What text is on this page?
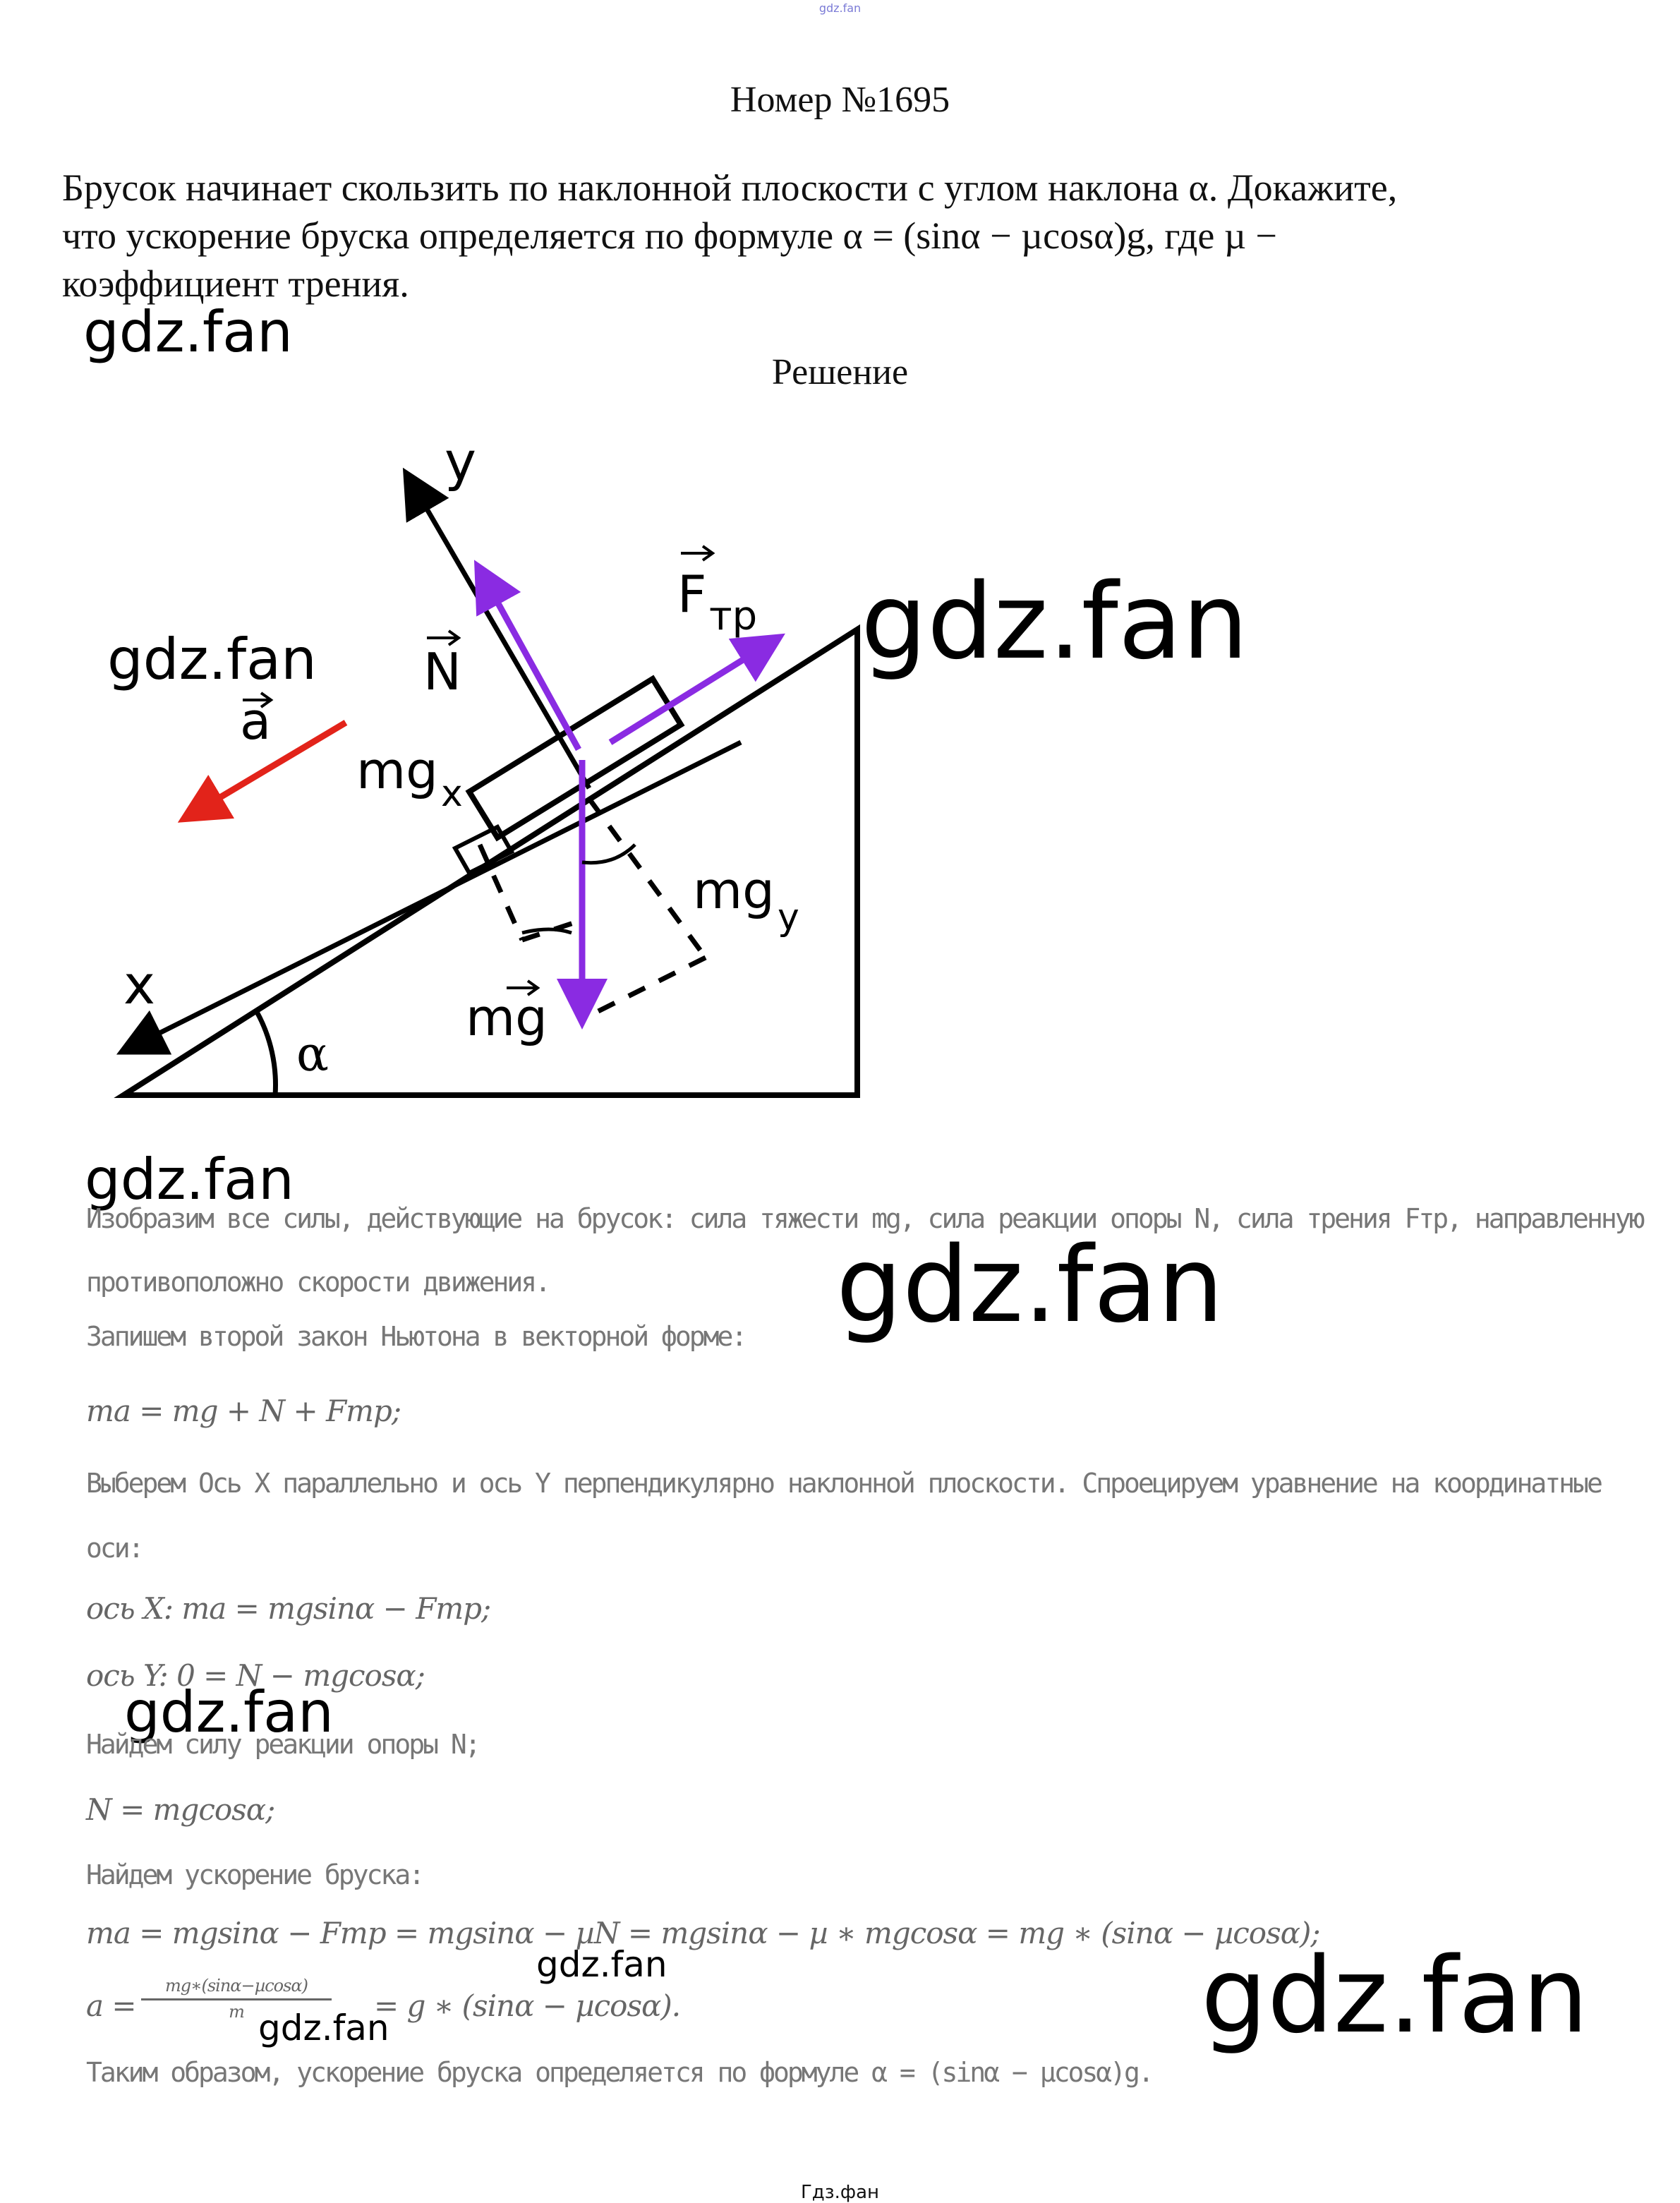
gdz.fan
Номер №1695
Брусок начинает скользить по наклонной плоскости с углом наклона α. Докажите,
что ускорение бруска определяется по формуле α = (sinα − µcosα)g, где µ −
коэффициент трения.
gdz.fan
Решение
y
x
N
F тр
a
mg x
mg y
mg
α
gdz.fan	gdz.fan
gdz.fan
gdz.fan
Изобразим все силы, действующие на брусок: сила тяжести mg, сила реакции опоры N, сила трения Fтр, направленную
противоположно скорости движения.
Запишем второй закон Ньютона в векторной форме:
ma = mg + N + Fтр;
Выберем Ось X параллельно и ось Y перпендикулярно наклонной плоскости. Спроецируем уравнение на координатные
оси:
ось X: ma = mgsinα − Fтр;
ось Y: 0 = N − mgcosα;
gdz.fan
Найдем силу реакции опоры N;
N = mgcosα;
Найдем ускорение бруска:
ma = mgsinα − Fтр = mgsinα − µN = mgsinα − µ ∗ mgcosα = mg ∗ (sinα − µcosα);
gdz.fan
a =
mg∗(sinα−µcosα)
m	= g ∗ (sinα − µcosα).
gdz.fan	gdz.fan
Таким образом, ускорение бруска определяется по формуле α = (sinα − µcosα)g.
Гдз.фан
